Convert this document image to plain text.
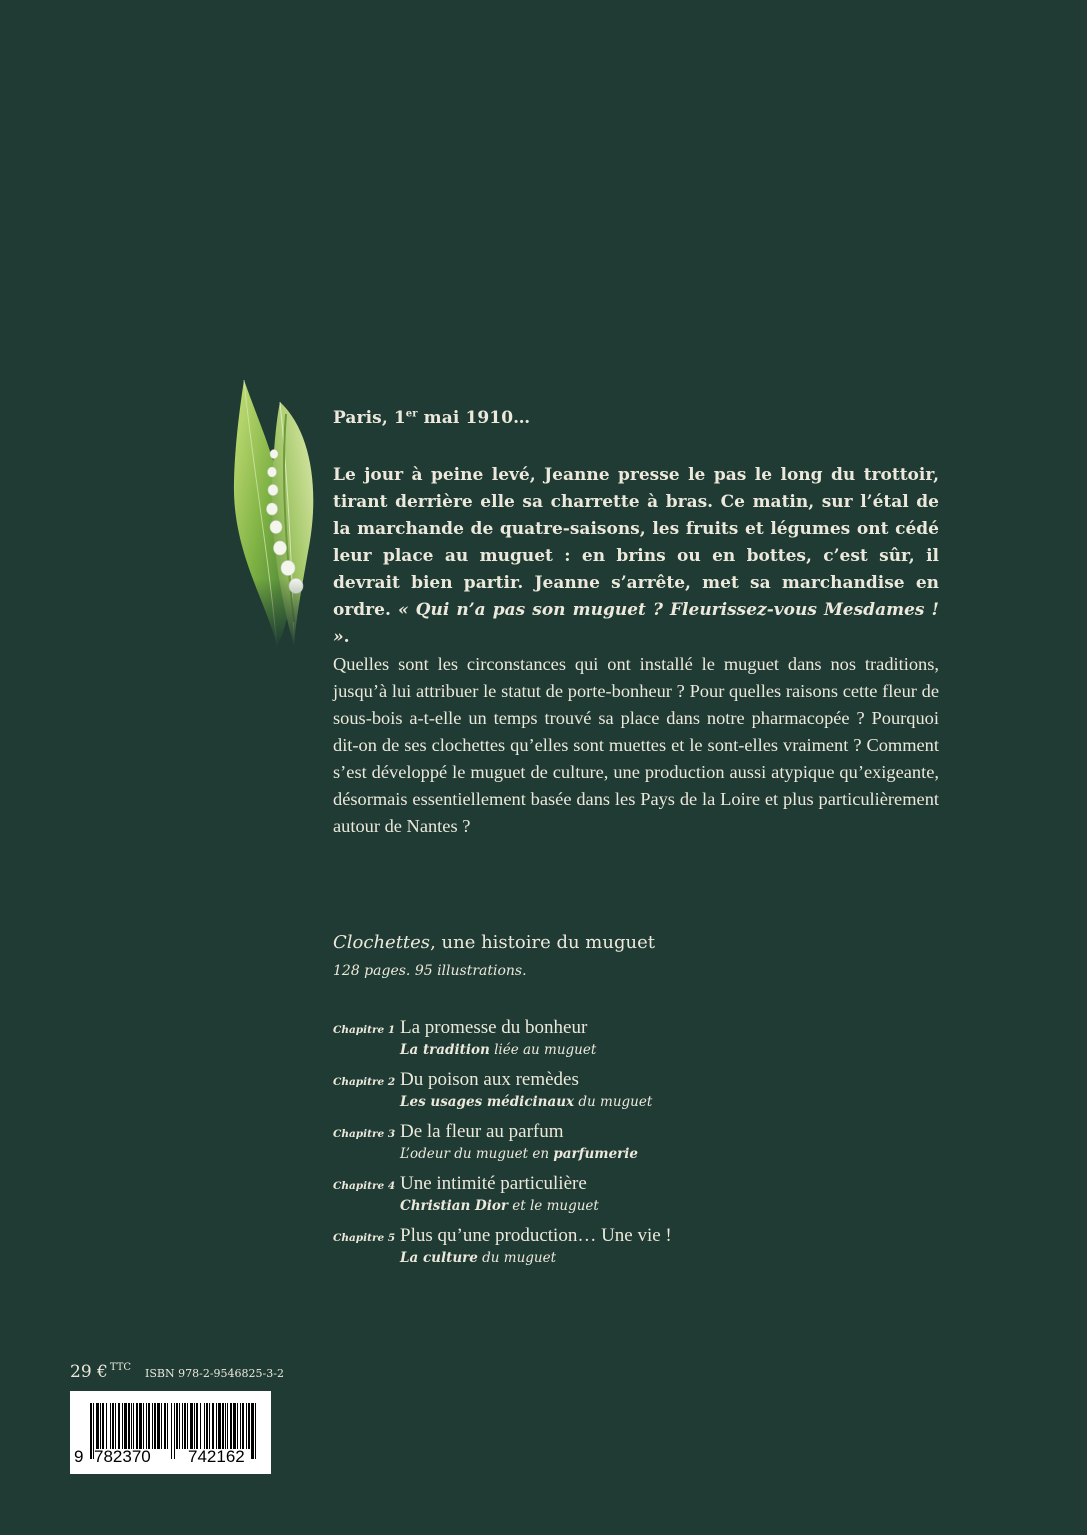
Paris, 1er mai 1910…
Le jour à peine levé, Jeanne presse le pas le long du trottoir, tirant derrière elle sa charrette à bras. Ce matin, sur l’étal de la marchande de quatre-saisons, les fruits et légumes ont cédé leur place au muguet : en brins ou en bottes, c’est sûr, il devrait bien partir. Jeanne s’arrête, met sa marchandise en ordre. « Qui n’a pas son muguet ? Fleurissez-vous Mesdames ! ».
Quelles sont les circonstances qui ont installé le muguet dans nos traditions, jusqu’à lui attribuer le statut de porte-bonheur ? Pour quelles raisons cette fleur de sous-bois a-t-elle un temps trouvé sa place dans notre pharmacopée ? Pourquoi dit-on de ses clochettes qu’elles sont muettes et le sont-elles vraiment ? Comment s’est développé le muguet de culture, une production aussi atypique qu’exigeante, désormais essentiellement basée dans les Pays de la Loire et plus particulièrement autour de Nantes ?
Clochettes, une histoire du muguet
128 pages. 95 illustrations.
Chapitre 1 La promesse du bonheur
La tradition liée au muguet
Chapitre 2 Du poison aux remèdes
Les usages médicinaux du muguet
Chapitre 3 De la fleur au parfum
L’odeur du muguet en parfumerie
Chapitre 4 Une intimité particulière
Christian Dior et le muguet
Chapitre 5 Plus qu’une production… Une vie !
La culture du muguet
29 € $^{TTC}$ ISBN 978-2-9546825-3-2
9 782370 742162
